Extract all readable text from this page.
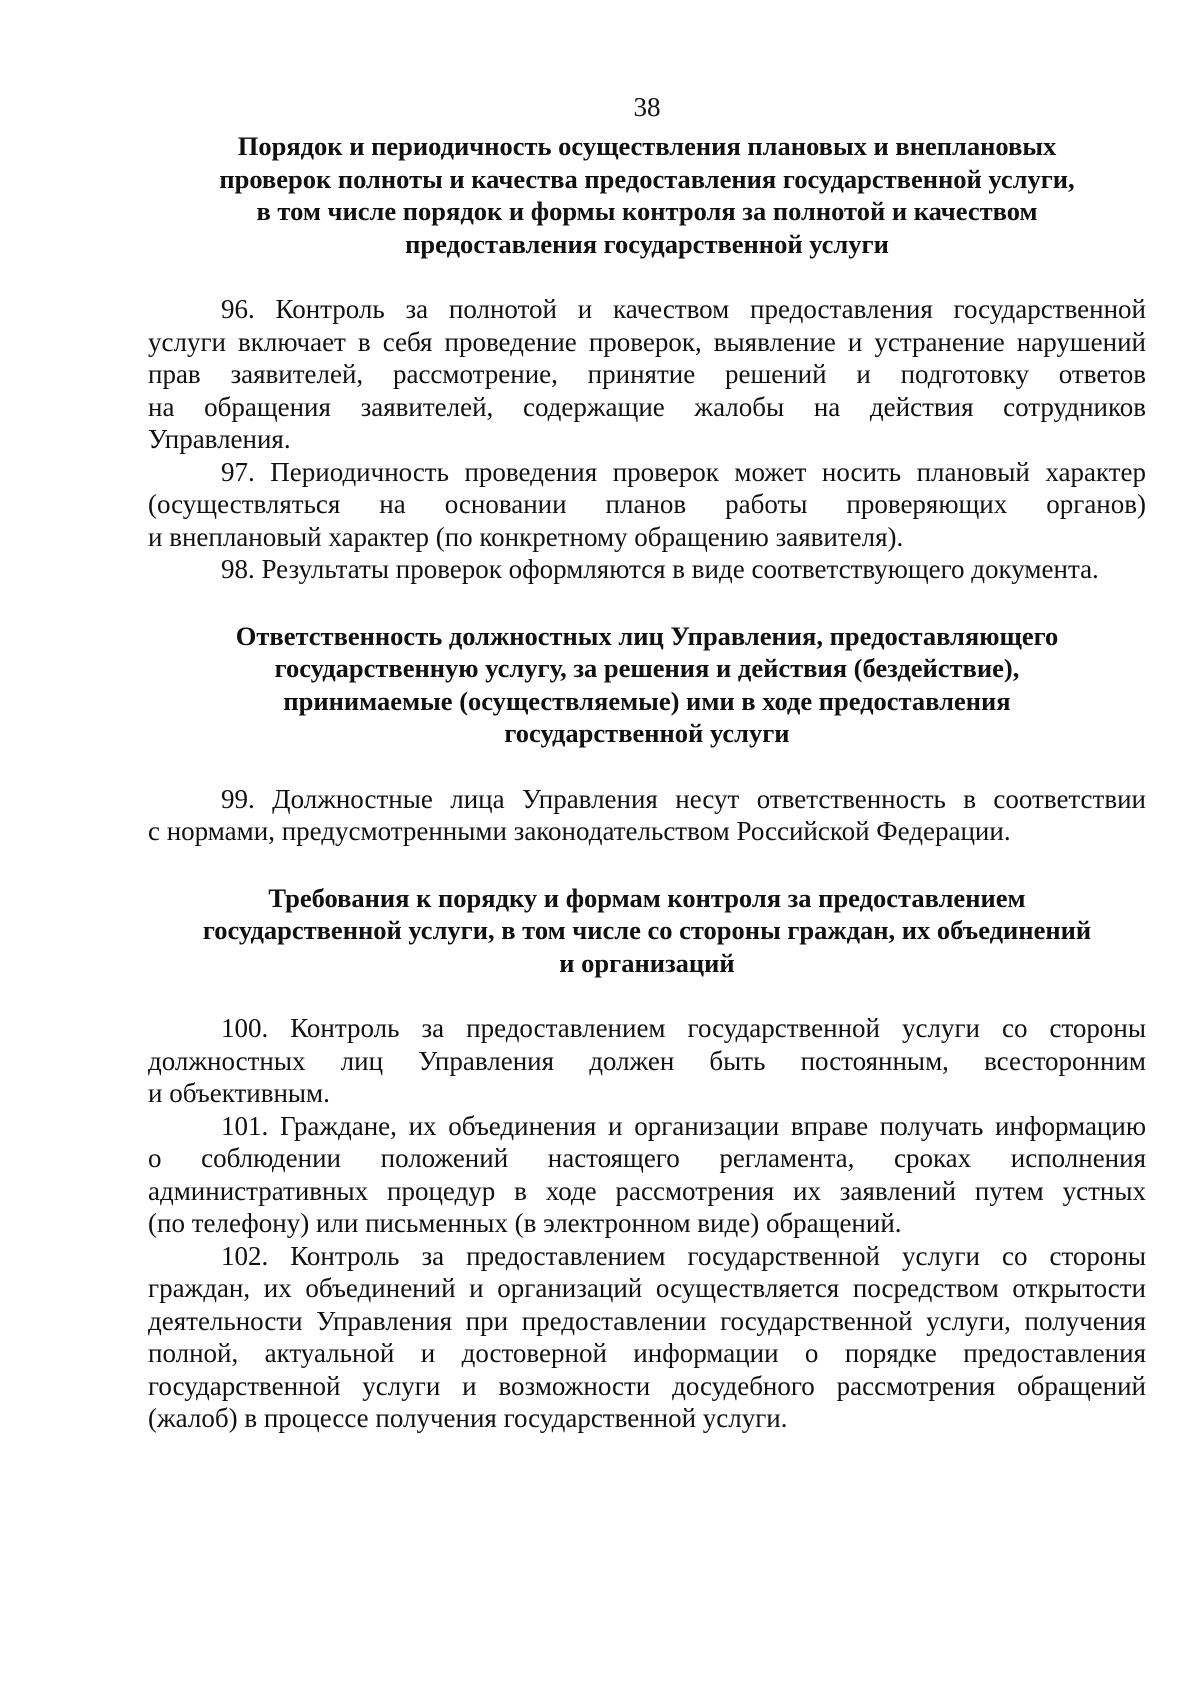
38
Порядок и периодичность осуществления плановых и внеплановых
проверок полноты и качества предоставления государственной услуги,
в том числе порядок и формы контроля за полнотой и качеством
предоставления государственной услуги

96. Контроль за полнотой и качеством предоставления государственной
услуги включает в себя проведение проверок, выявление и устранение нарушений
прав заявителей, рассмотрение, принятие решений и подготовку ответов
на обращения заявителей, содержащие жалобы на действия сотрудников
Управления.

97. Периодичность проведения проверок может носить плановый характер
(осуществляться на основании планов работы проверяющих органов)
и внеплановый характер (по конкретному обращению заявителя).

98. Результаты проверок оформляются в виде соответствующего документа.

Ответственность должностных лиц Управления, предоставляющего
государственную услугу, за решения и действия (бездействие),
принимаемые (осуществляемые) ими в ходе предоставления
государственной услуги

99. Должностные лица Управления несут ответственность в соответствии
с нормами, предусмотренными законодательством Российской Федерации.

Требования к порядку и формам контроля за предоставлением
государственной услуги, в том числе со стороны граждан, их объединений
и организаций

100. Контроль за предоставлением государственной услуги со стороны
должностных лиц Управления должен быть постоянным, всесторонним
и объективным.

101. Граждане, их объединения и организации вправе получать информацию
о соблюдении положений настоящего регламента, сроках исполнения
административных процедур в ходе рассмотрения их заявлений путем устных
(по телефону) или письменных (в электронном виде) обращений.

102. Контроль за предоставлением государственной услуги со стороны
граждан, их объединений и организаций осуществляется посредством открытости
деятельности Управления при предоставлении государственной услуги, получения
полной, актуальной и достоверной информации о порядке предоставления
государственной услуги и возможности досудебного рассмотрения обращений
(жалоб) в процессе получения государственной услуги.
